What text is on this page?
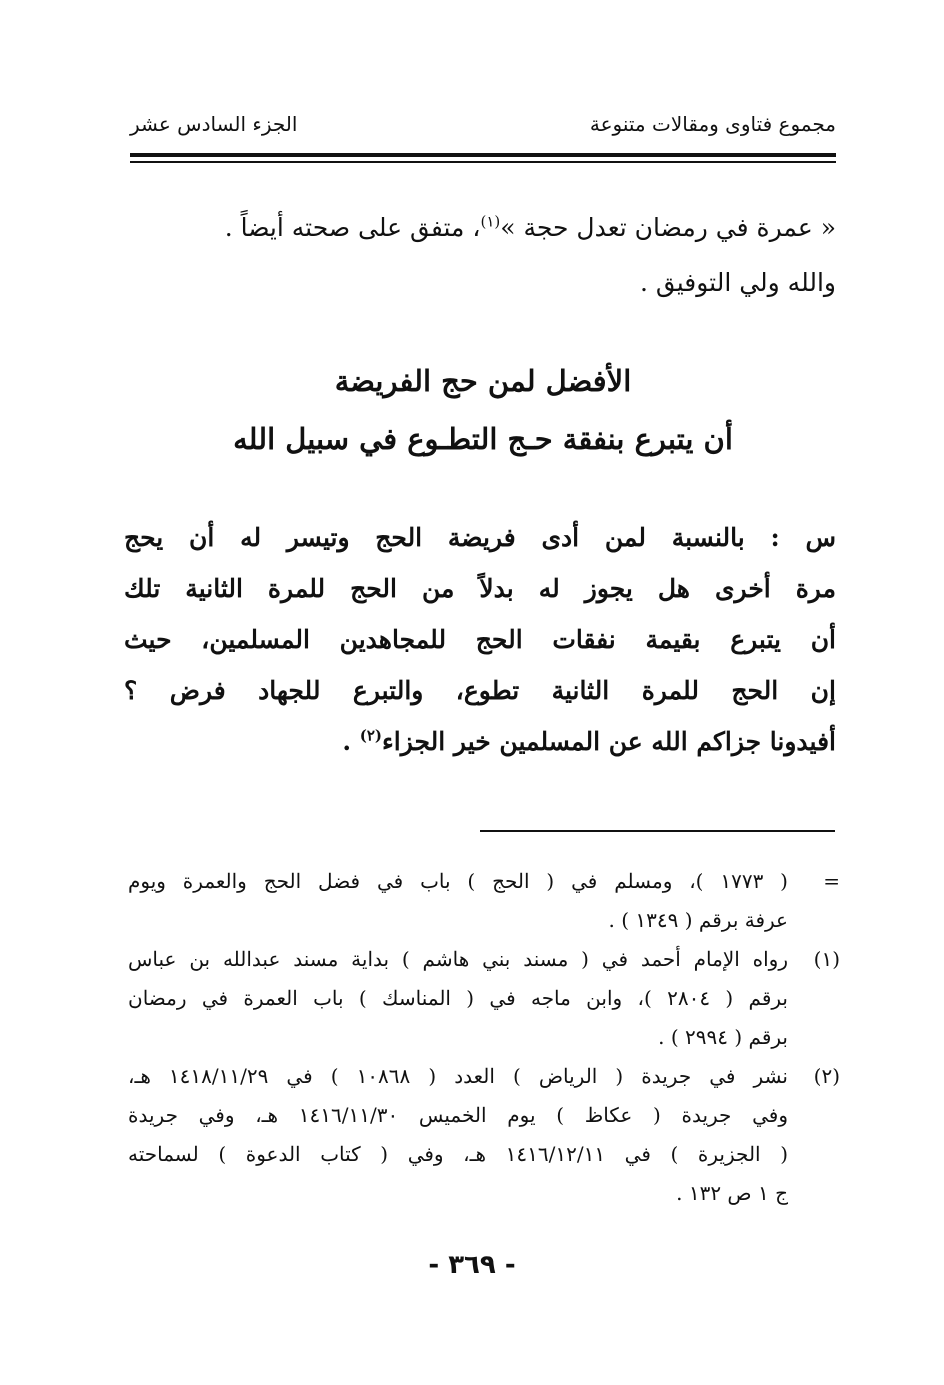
مجموع فتاوى ومقالات متنوعة
الجزء السادس عشر

« عمرة في رمضان تعدل حجة »$^{(١)}$، متفق على صحته أيضاً .

والله ولي التوفيق .

الأفضل لمن حج الفريضة
أن يتبرع بنفقة حـج التطـوع في سبيل الله
س : بالنسبة لمن أدى فريضة الحج وتيسر له أن يحج
مرة أخرى هل يجوز له بدلاً من الحج للمرة الثانية تلك
أن يتبرع بقيمة نفقات الحج للمجاهدين المسلمين، حيث
إن الحج للمرة الثانية تطوع، والتبرع للجهاد فرض ؟
أفيدونا جزاكم الله عن المسلمين خير الجزاء$^{(٢)}$ .
=
( ١٧٧٣ )، ومسلم في ( الحج ) باب في فضل الحج والعمرة ويوم
عرفة برقم ( ١٣٤٩ ) .
(١)
رواه الإمام أحمد في ( مسند بني هاشم ) بداية مسند عبدالله بن عباس
برقم ( ٢٨٠٤ )، وابن ماجه في ( المناسك ) باب العمرة في رمضان
برقم ( ٢٩٩٤ ) .
(٢)
نشر في جريدة ( الرياض ) العدد ( ١٠٨٦٨ ) في ١٤١٨/١١/٢٩ هـ،
وفي جريدة ( عكاظ ) يوم الخميس ١٤١٦/١١/٣٠ هـ، وفي جريدة
( الجزيرة ) في ١٤١٦/١٢/١١ هـ، وفي ( كتاب الدعوة ) لسماحته
ج ١ ص ١٣٢ .
- ٣٦٩ -
